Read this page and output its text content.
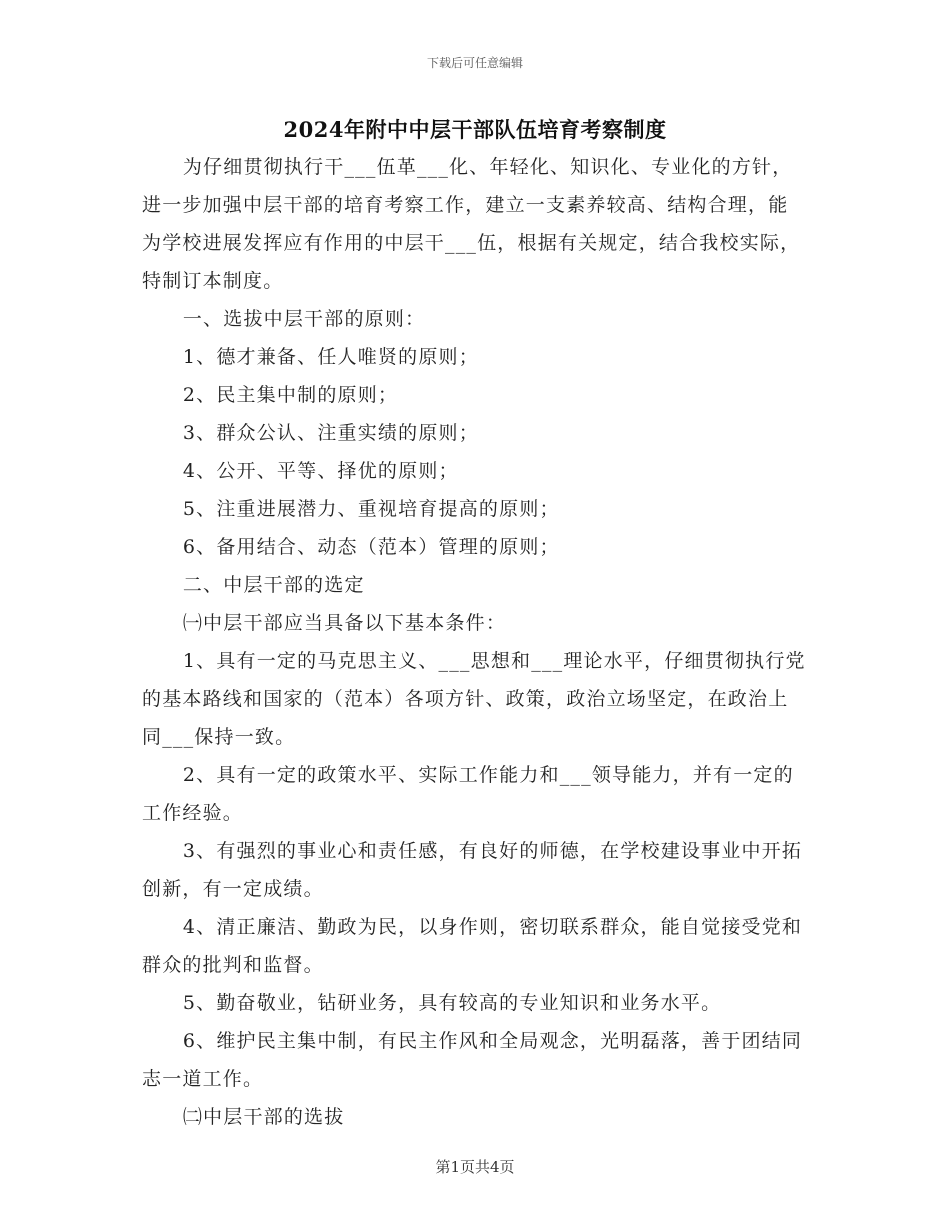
下载后可任意编辑
2024年附中中层干部队伍培育考察制度

为仔细贯彻执行干___伍革___化、年轻化、知识化、专业化的方针，进一步加强中层干部的培育考察工作，建立一支素养较高、结构合理，能为学校进展发挥应有作用的中层干___伍，根据有关规定，结合我校实际，特制订本制度。

一、选拔中层干部的原则：

1、德才兼备、任人唯贤的原则；

2、民主集中制的原则；

3、群众公认、注重实绩的原则；

4、公开、平等、择优的原则；

5、注重进展潜力、重视培育提高的原则；

6、备用结合、动态（范本）管理的原则；

二、中层干部的选定

㈠中层干部应当具备以下基本条件：

1、具有一定的马克思主义、___思想和___理论水平，仔细贯彻执行党的基本路线和国家的（范本）各项方针、政策，政治立场坚定，在政治上同___保持一致。

2、具有一定的政策水平、实际工作能力和___领导能力，并有一定的工作经验。

3、有强烈的事业心和责任感，有良好的师德，在学校建设事业中开拓创新，有一定成绩。

4、清正廉洁、勤政为民，以身作则，密切联系群众，能自觉接受党和群众的批判和监督。

5、勤奋敬业，钻研业务，具有较高的专业知识和业务水平。

6、维护民主集中制，有民主作风和全局观念，光明磊落，善于团结同志一道工作。

㈡中层干部的选拔

第1页共4页
